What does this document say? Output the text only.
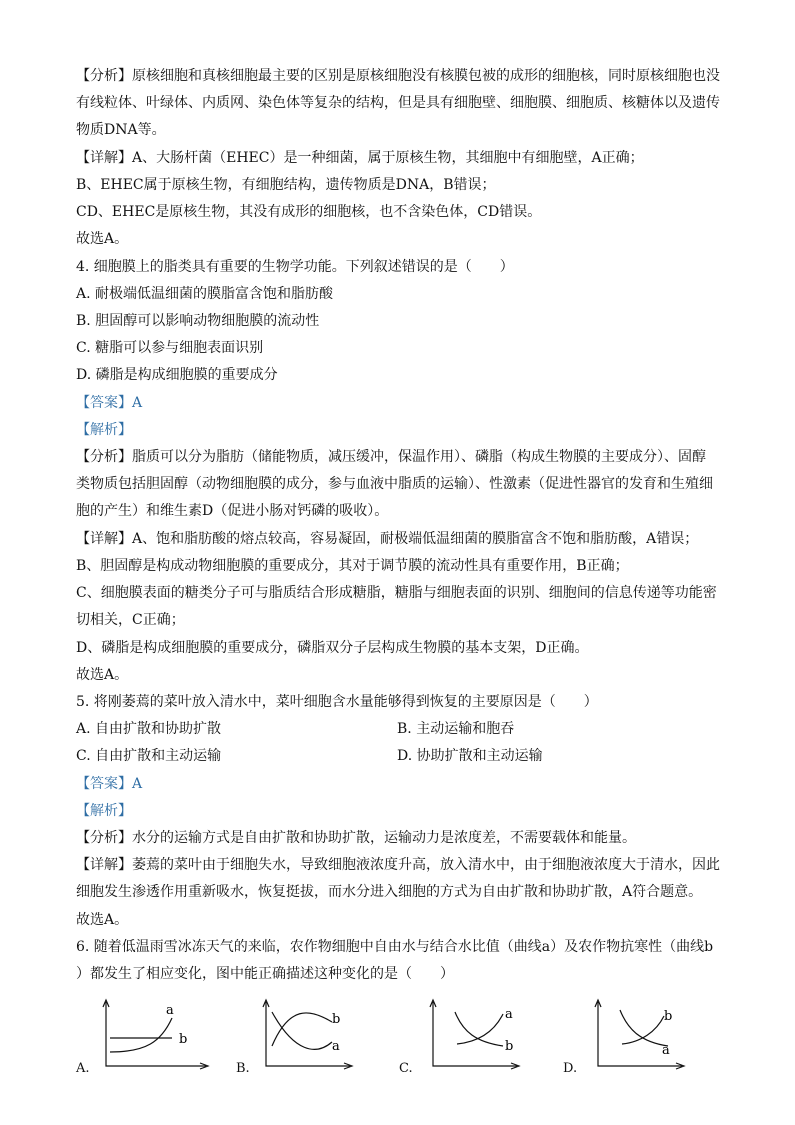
【分析】原核细胞和真核细胞最主要的区别是原核细胞没有核膜包被的成形的细胞核，同时原核细胞也没
有线粒体、叶绿体、内质网、染色体等复杂的结构，但是具有细胞壁、细胞膜、细胞质、核糖体以及遗传
物质DNA等。
【详解】A、大肠杆菌（EHEC）是一种细菌，属于原核生物，其细胞中有细胞壁，A正确；
B、EHEC属于原核生物，有细胞结构，遗传物质是DNA，B错误；
CD、EHEC是原核生物，其没有成形的细胞核，也不含染色体，CD错误。
故选A。
4. 细胞膜上的脂类具有重要的生物学功能。下列叙述错误的是（　　）
A. 耐极端低温细菌的膜脂富含饱和脂肪酸
B. 胆固醇可以影响动物细胞膜的流动性
C. 糖脂可以参与细胞表面识别
D. 磷脂是构成细胞膜的重要成分
【答案】A
【解析】
【分析】脂质可以分为脂肪（储能物质，减压缓冲，保温作用）、磷脂（构成生物膜的主要成分）、固醇
类物质包括胆固醇（动物细胞膜的成分，参与血液中脂质的运输）、性激素（促进性器官的发育和生殖细
胞的产生）和维生素D（促进小肠对钙磷的吸收）。
【详解】A、饱和脂肪酸的熔点较高，容易凝固，耐极端低温细菌的膜脂富含不饱和脂肪酸，A错误；
B、胆固醇是构成动物细胞膜的重要成分，其对于调节膜的流动性具有重要作用，B正确；
C、细胞膜表面的糖类分子可与脂质结合形成糖脂，糖脂与细胞表面的识别、细胞间的信息传递等功能密
切相关，C正确；
D、磷脂是构成细胞膜的重要成分，磷脂双分子层构成生物膜的基本支架，D正确。
故选A。
5. 将刚萎蔫的菜叶放入清水中，菜叶细胞含水量能够得到恢复的主要原因是（　　）
A. 自由扩散和协助扩散	B. 主动运输和胞吞
C. 自由扩散和主动运输	D. 协助扩散和主动运输
【答案】A
【解析】
【分析】水分的运输方式是自由扩散和协助扩散，运输动力是浓度差，不需要载体和能量。
【详解】萎蔫的菜叶由于细胞失水，导致细胞液浓度升高，放入清水中，由于细胞液浓度大于清水，因此
细胞发生渗透作用重新吸水，恢复挺拔，而水分进入细胞的方式为自由扩散和协助扩散，A符合题意。
故选A。
6. 随着低温雨雪冰冻天气的来临，农作物细胞中自由水与结合水比值（曲线a）及农作物抗寒性（曲线b
）都发生了相应变化，图中能正确描述这种变化的是（　　）
a
b
A.
b
a
B.
a
b
C.
b
a
D.
